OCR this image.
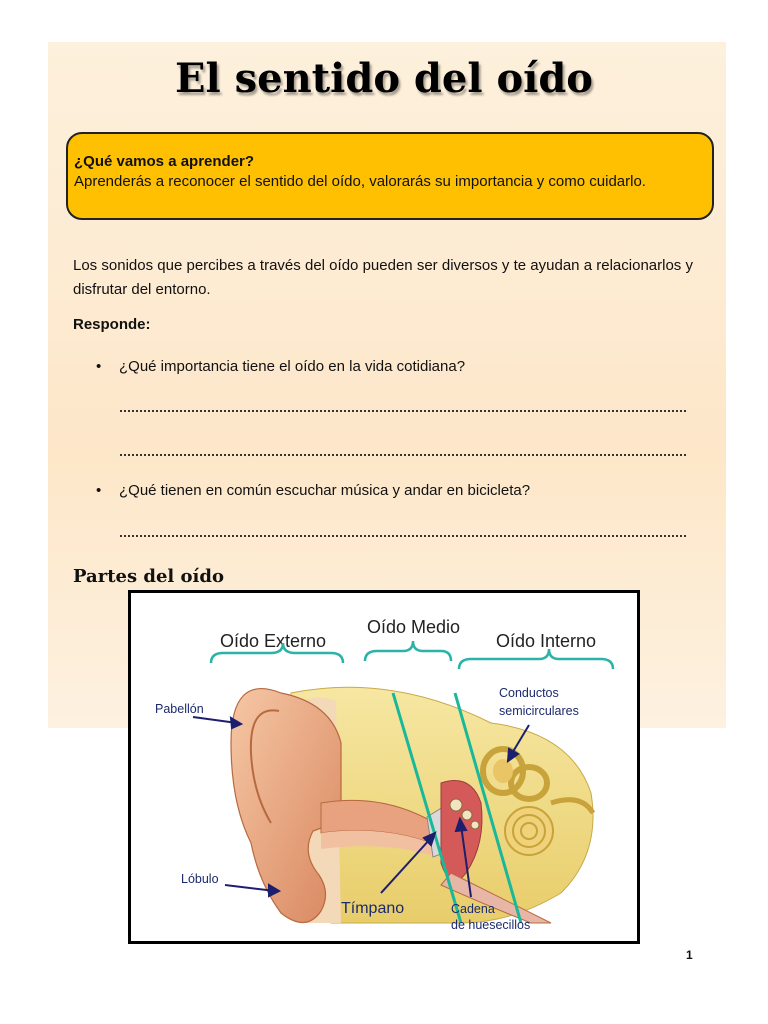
El sentido del oído
¿Qué vamos a aprender?
Aprenderás a reconocer el sentido del oído, valorarás su importancia y como cuidarlo.

Los sonidos que percibes a través del oído pueden ser diversos y te ayudan a relacionarlos y disfrutar del entorno.

Responde:
• ¿Qué importancia tiene el oído en la vida cotidiana?
• ¿Qué tienen en común escuchar música y andar en bicicleta?
Partes del oído
Oído Externo
Oído Medio
Oído Interno
Pabellón
Lóbulo
Tímpano	Cadena
de huesecillos
Conductos
semicirculares
1
